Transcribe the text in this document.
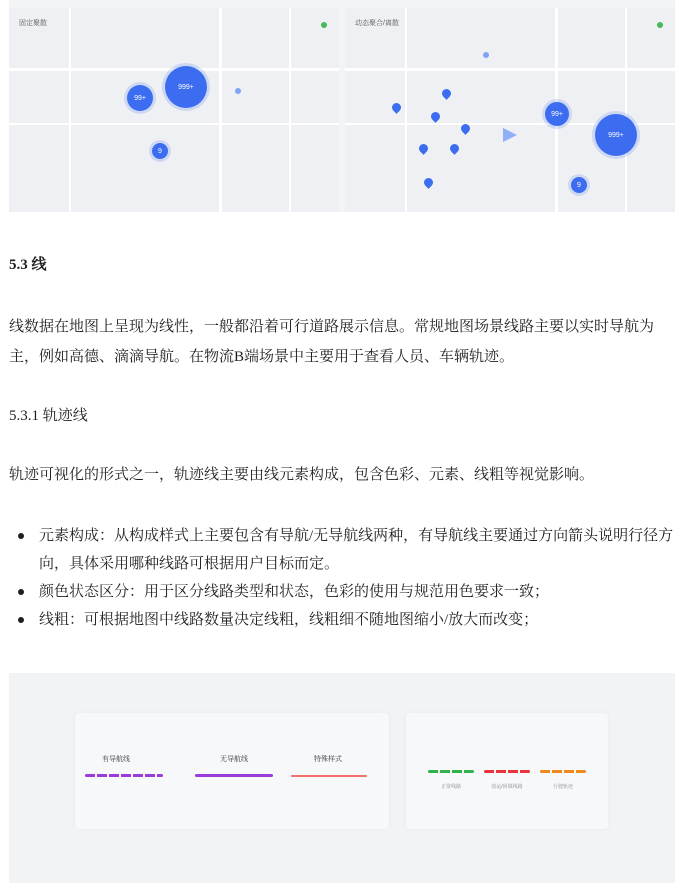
固定聚散
99+
999+
9
动态聚合/离散
99+
999+
9
5.3 线

线数据在地图上呈现为线性，一般都沿着可行道路展示信息。常规地图场景线路主要以实时导航为主，例如高德、滴滴导航。在物流B端场景中主要用于查看人员、车辆轨迹。

5.3.1 轨迹线

轨迹可视化的形式之一，轨迹线主要由线元素构成，包含色彩、元素、线粗等视觉影响。

元素构成：从构成样式上主要包含有导航/无导航线两种，有导航线主要通过方向箭头说明行径方向，具体采用哪种线路可根据用户目标而定。
颜色状态区分：用于区分线路类型和状态，色彩的使用与规范用色要求一致；
线粗：可根据地图中线路数量决定线粗，线粗细不随地图缩小/放大而改变；
有导航线	无导航线	特殊样式
正常线路	驳运/回填线路	行驶轨迹
